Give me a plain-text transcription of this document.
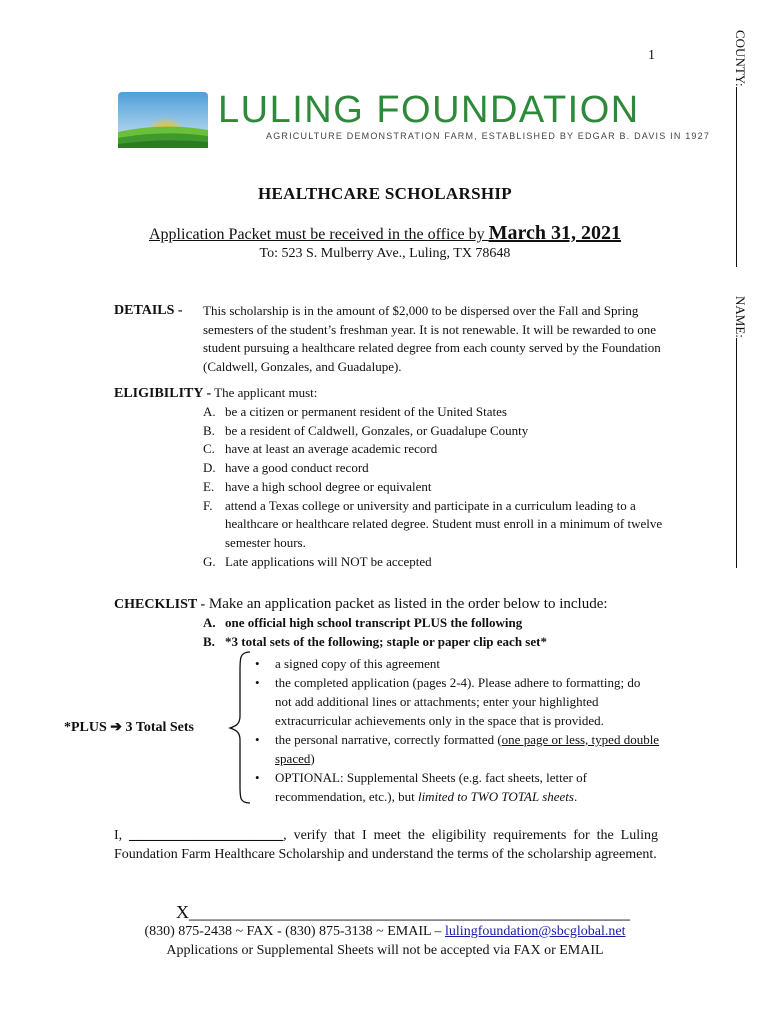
1	COUNTY:
NAME:
LULING FOUNDATION
AGRICULTURE DEMONSTRATION FARM, ESTABLISHED BY EDGAR B. DAVIS IN 1927
HEALTHCARE SCHOLARSHIP
Application Packet must be received in the office by March 31, 2021
To: 523 S. Mulberry Ave., Luling, TX 78648
DETAILS - This scholarship is in the amount of $2,000 to be dispersed over the Fall and Spring semesters of the student’s freshman year. It is not renewable. It will be rewarded to one student pursuing a healthcare related degree from each county served by the Foundation (Caldwell, Gonzales, and Guadalupe).
ELIGIBILITY - The applicant must:
A. be a citizen or permanent resident of the United States
B. be a resident of Caldwell, Gonzales, or Guadalupe County
C. have at least an average academic record
D. have a good conduct record
E. have a high school degree or equivalent
F. attend a Texas college or university and participate in a curriculum leading to a healthcare or healthcare related degree. Student must enroll in a minimum of twelve semester hours.
G. Late applications will NOT be accepted
CHECKLIST - Make an application packet as listed in the order below to include:
A. one official high school transcript PLUS the following
B. *3 total sets of the following; staple or paper clip each set*
• a signed copy of this agreement
• the completed application (pages 2-4). Please adhere to formatting; do not add additional lines or attachments; enter your highlighted extracurricular achievements only in the space that is provided.
• the personal narrative, correctly formatted (one page or less, typed double spaced)
• OPTIONAL: Supplemental Sheets (e.g. fact sheets, letter of recommendation, etc.), but limited to TWO TOTAL sheets.
*PLUS ➔ 3 Total Sets
I, ______________________, verify that I meet the eligibility requirements for the Luling Foundation Farm Healthcare Scholarship and understand the terms of the scholarship agreement.
X_________________________________________________
(830) 875-2438 ~ FAX - (830) 875-3138 ~ EMAIL – lulingfoundation@sbcglobal.net
Applications or Supplemental Sheets will not be accepted via FAX or EMAIL
